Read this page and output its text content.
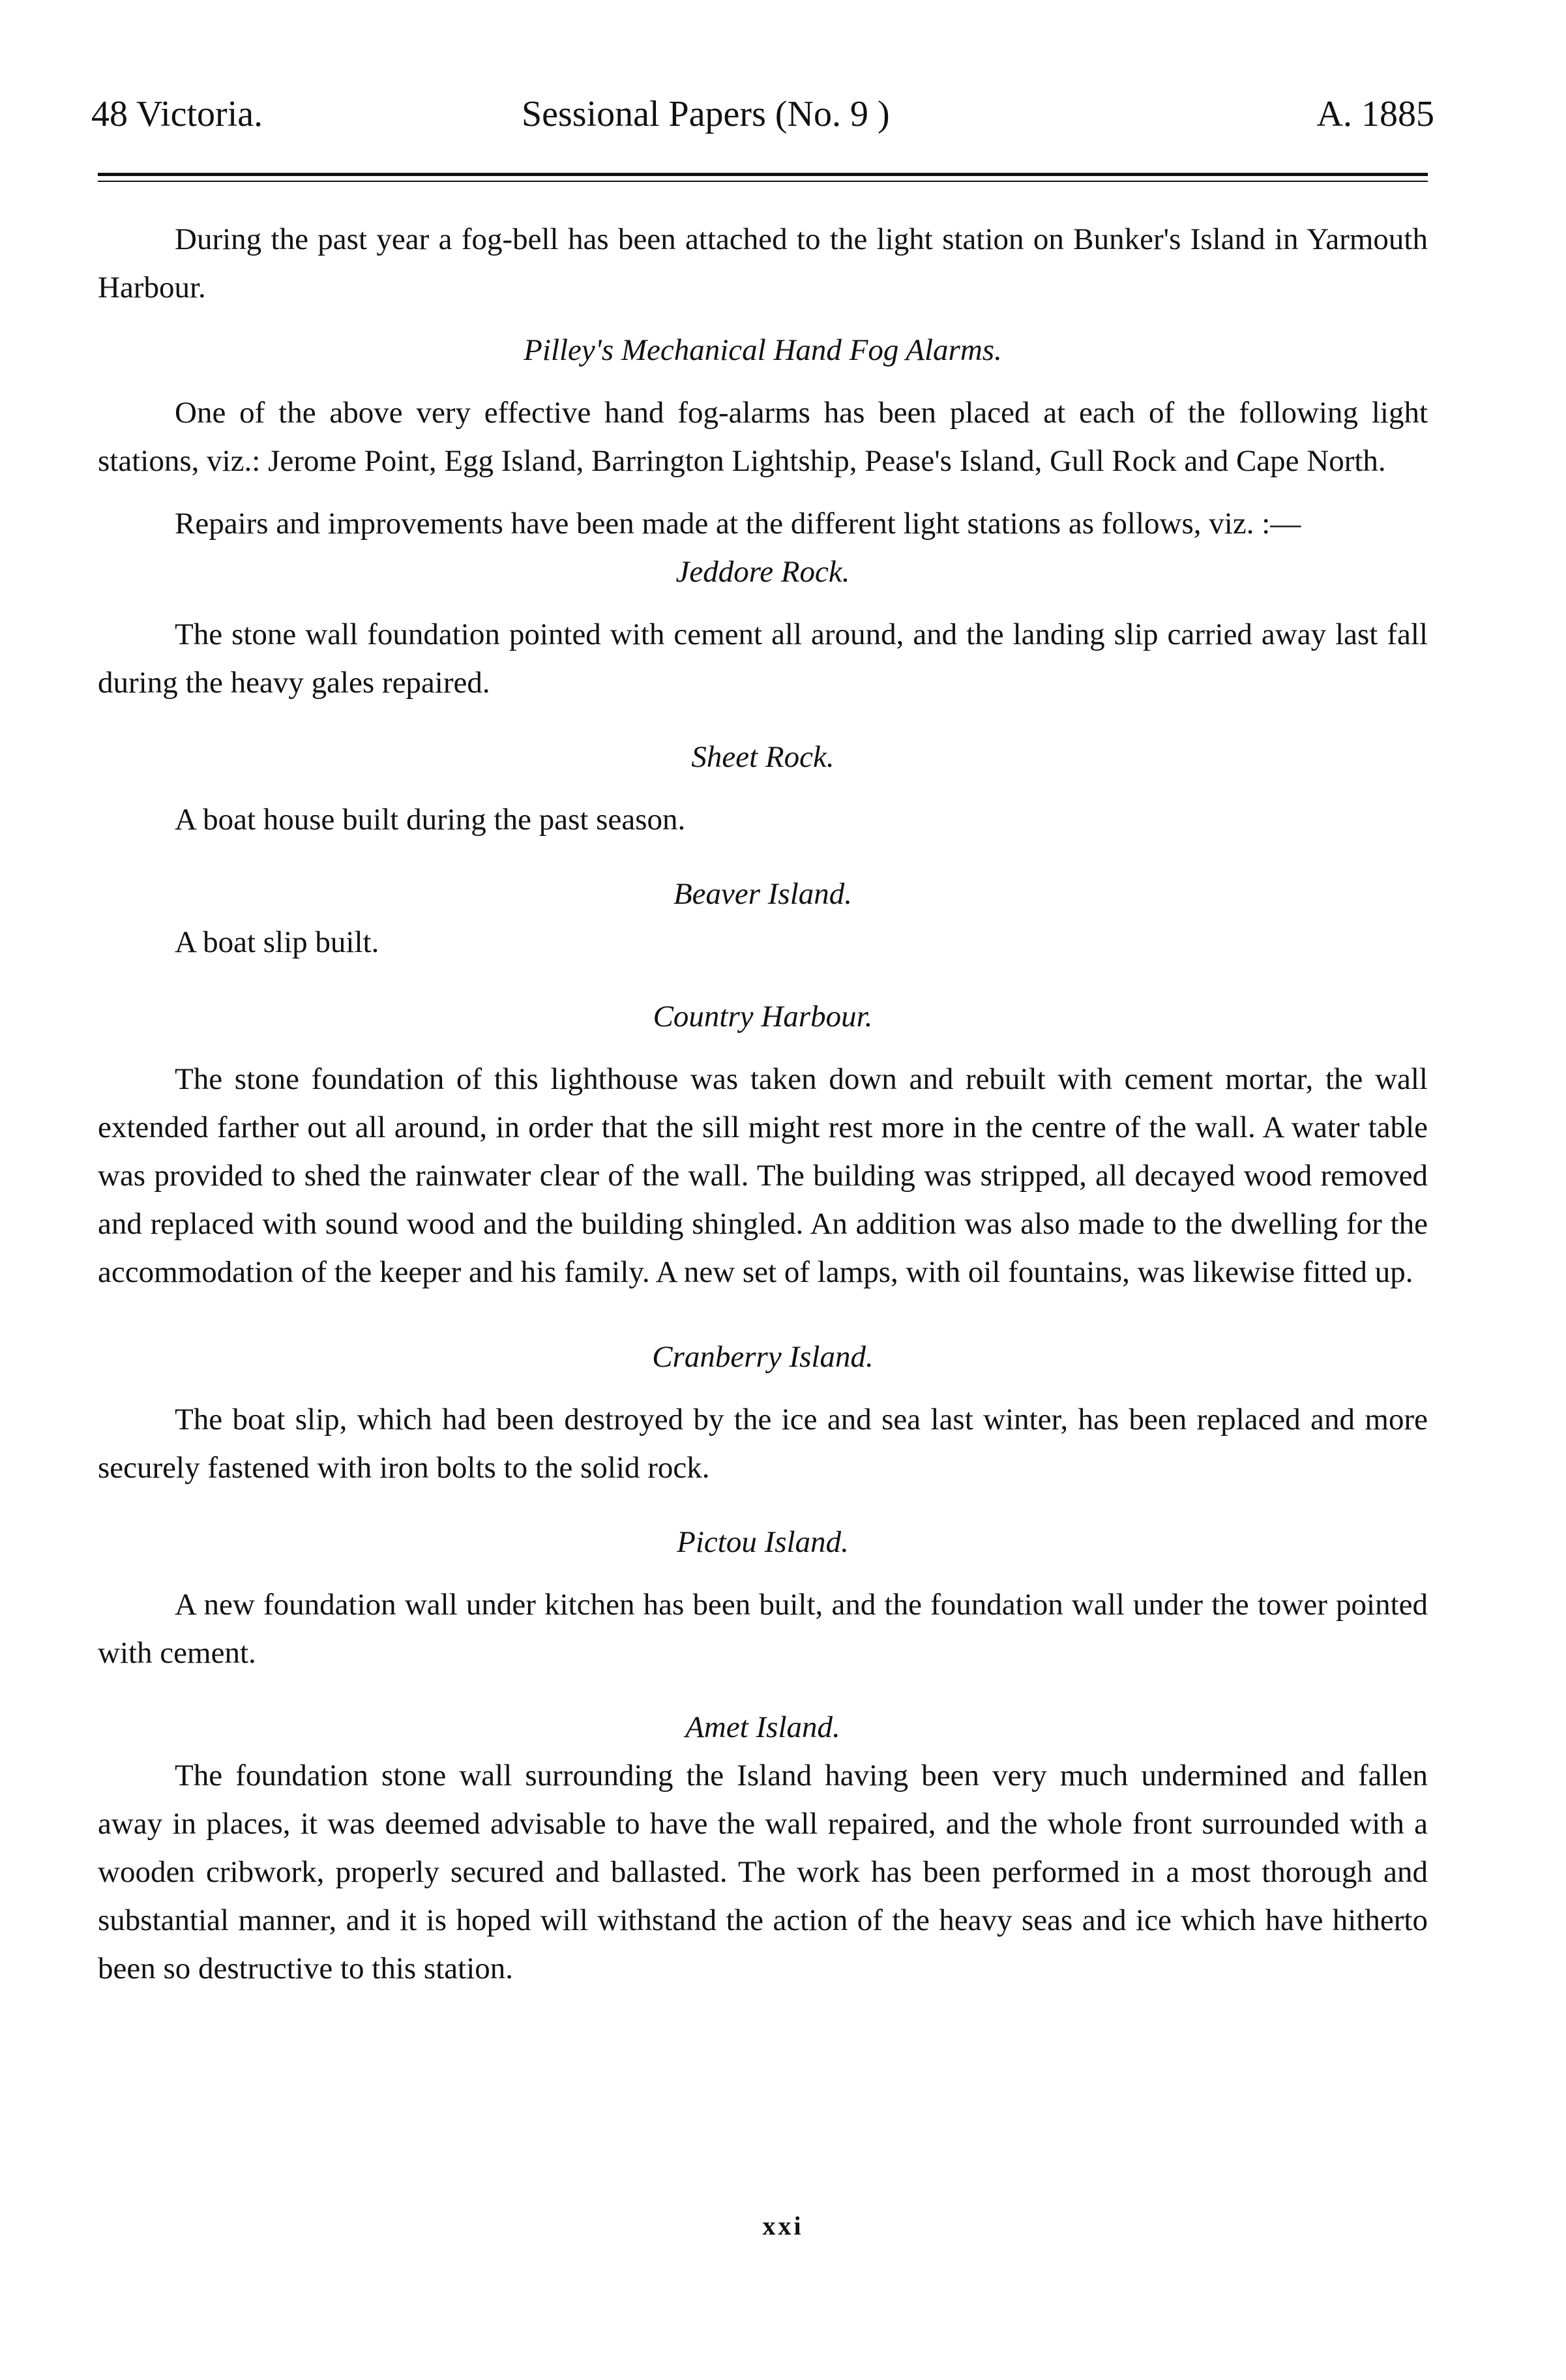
48 Victoria.	Sessional Papers (No. 9 )	A. 1885

During the past year a fog-bell has been attached to the light station on Bunker's Island in Yarmouth Harbour.

Pilley's Mechanical Hand Fog Alarms.

One of the above very effective hand fog-alarms has been placed at each of the following light stations, viz.: Jerome Point, Egg Island, Barrington Lightship, Pease's Island, Gull Rock and Cape North.

Repairs and improvements have been made at the different light stations as follows, viz. :—

Jeddore Rock.

The stone wall foundation pointed with cement all around, and the landing slip carried away last fall during the heavy gales repaired.

Sheet Rock.

A boat house built during the past season.

Beaver Island.

A boat slip built.

Country Harbour.

The stone foundation of this lighthouse was taken down and rebuilt with cement mortar, the wall extended farther out all around, in order that the sill might rest more in the centre of the wall. A water table was provided to shed the rainwater clear of the wall. The building was stripped, all decayed wood removed and replaced with sound wood and the building shingled. An addition was also made to the dwelling for the accommodation of the keeper and his family. A new set of lamps, with oil fountains, was likewise fitted up.

Cranberry Island.

The boat slip, which had been destroyed by the ice and sea last winter, has been replaced and more securely fastened with iron bolts to the solid rock.

Pictou Island.

A new foundation wall under kitchen has been built, and the foundation wall under the tower pointed with cement.

Amet Island.

The foundation stone wall surrounding the Island having been very much undermined and fallen away in places, it was deemed advisable to have the wall repaired, and the whole front surrounded with a wooden cribwork, properly secured and ballasted. The work has been performed in a most thorough and substantial manner, and it is hoped will withstand the action of the heavy seas and ice which have hitherto been so destructive to this station.

xxi
